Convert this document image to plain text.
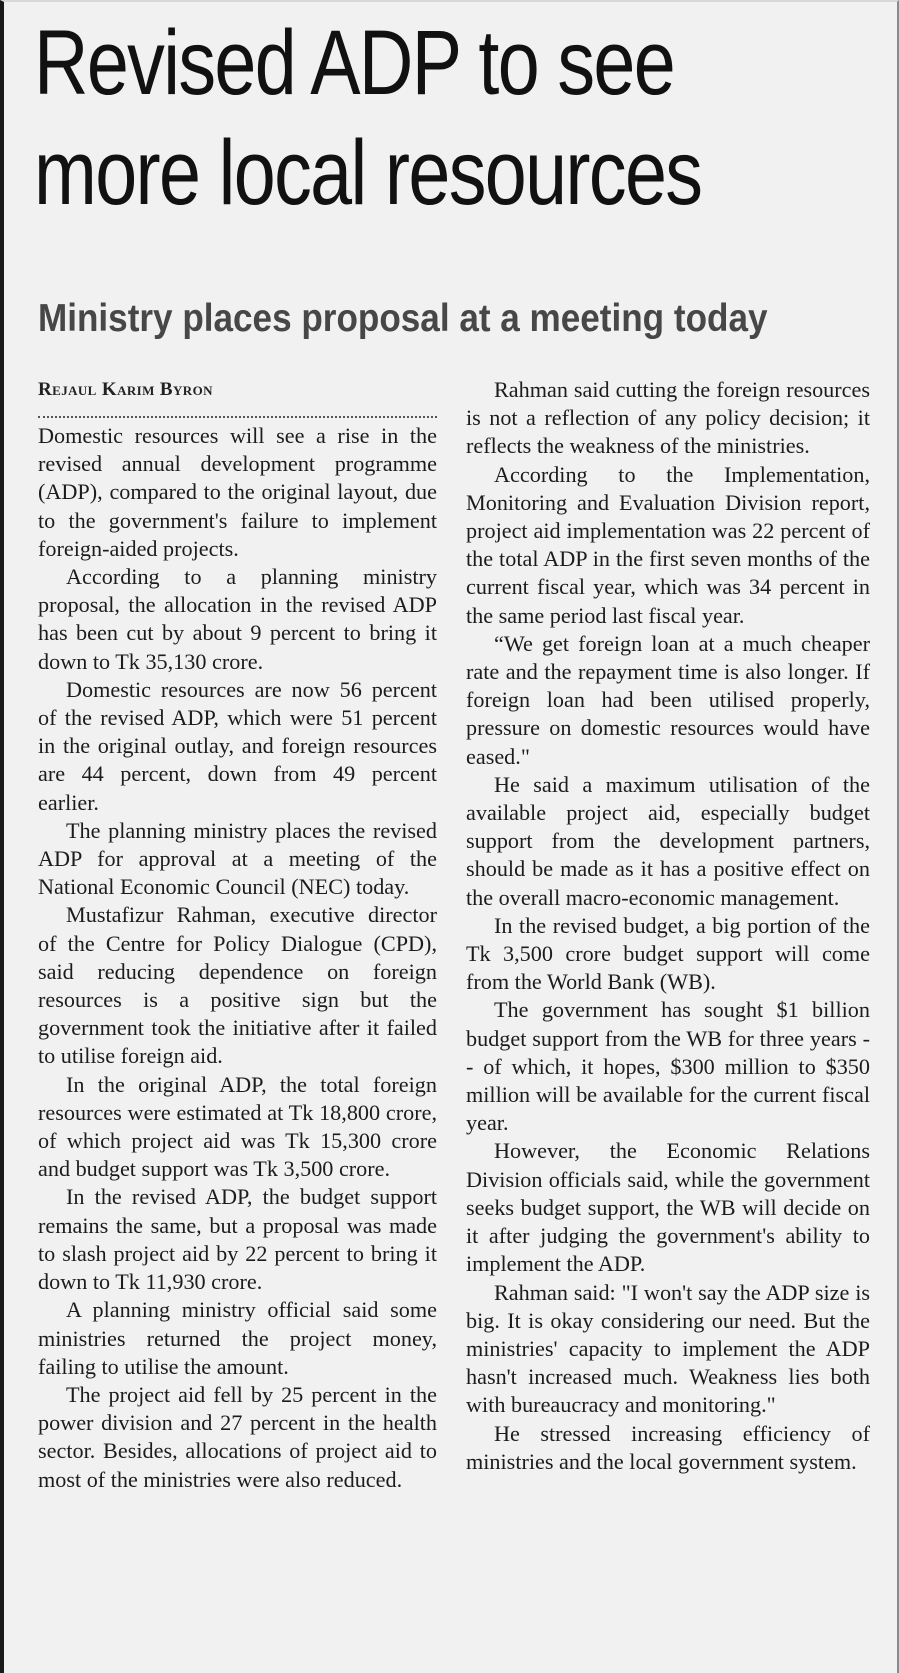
Revised ADP to see
more local resources
Ministry places proposal at a meeting today
Rejaul Karim Byron

Domestic resources will see a rise in the revised annual development programme (ADP), compared to the original layout, due to the government's failure to implement foreign-aided projects.

According to a planning ministry proposal, the allocation in the revised ADP has been cut by about 9 percent to bring it down to Tk 35,130 crore.

Domestic resources are now 56 percent of the revised ADP, which were 51 percent in the original outlay, and foreign resources are 44 percent, down from 49 percent earlier.

The planning ministry places the revised ADP for approval at a meeting of the National Economic Council (NEC) today.

Mustafizur Rahman, executive director of the Centre for Policy Dialogue (CPD), said reducing dependence on foreign resources is a positive sign but the government took the initiative after it failed to utilise foreign aid.

In the original ADP, the total foreign resources were estimated at Tk 18,800 crore, of which project aid was Tk 15,300 crore and budget support was Tk 3,500 crore.

In the revised ADP, the budget support remains the same, but a proposal was made to slash project aid by 22 percent to bring it down to Tk 11,930 crore.

A planning ministry official said some ministries returned the project money, failing to utilise the amount.

The project aid fell by 25 percent in the power division and 27 percent in the health sector. Besides, allocations of project aid to most of the ministries were also reduced.

Rahman said cutting the foreign resources is not a reflection of any policy decision; it reflects the weakness of the ministries.

According to the Implementation, Monitoring and Evaluation Division report, project aid implementation was 22 percent of the total ADP in the first seven months of the current fiscal year, which was 34 percent in the same period last fiscal year.

“We get foreign loan at a much cheaper rate and the repayment time is also longer. If foreign loan had been utilised properly, pressure on domestic resources would have eased."

He said a maximum utilisation of the available project aid, especially budget support from the development partners, should be made as it has a positive effect on the overall macro-economic management.

In the revised budget, a big portion of the Tk 3,500 crore budget support will come from the World Bank (WB).

The government has sought $1 billion budget support from the WB for three years -- of which, it hopes, $300 million to $350 million will be available for the current fiscal year.

However, the Economic Relations Division officials said, while the government seeks budget support, the WB will decide on it after judging the government's ability to implement the ADP.

Rahman said: "I won't say the ADP size is big. It is okay considering our need. But the ministries' capacity to implement the ADP hasn't increased much. Weakness lies both with bureaucracy and monitoring."

He stressed increasing efficiency of ministries and the local government system.
